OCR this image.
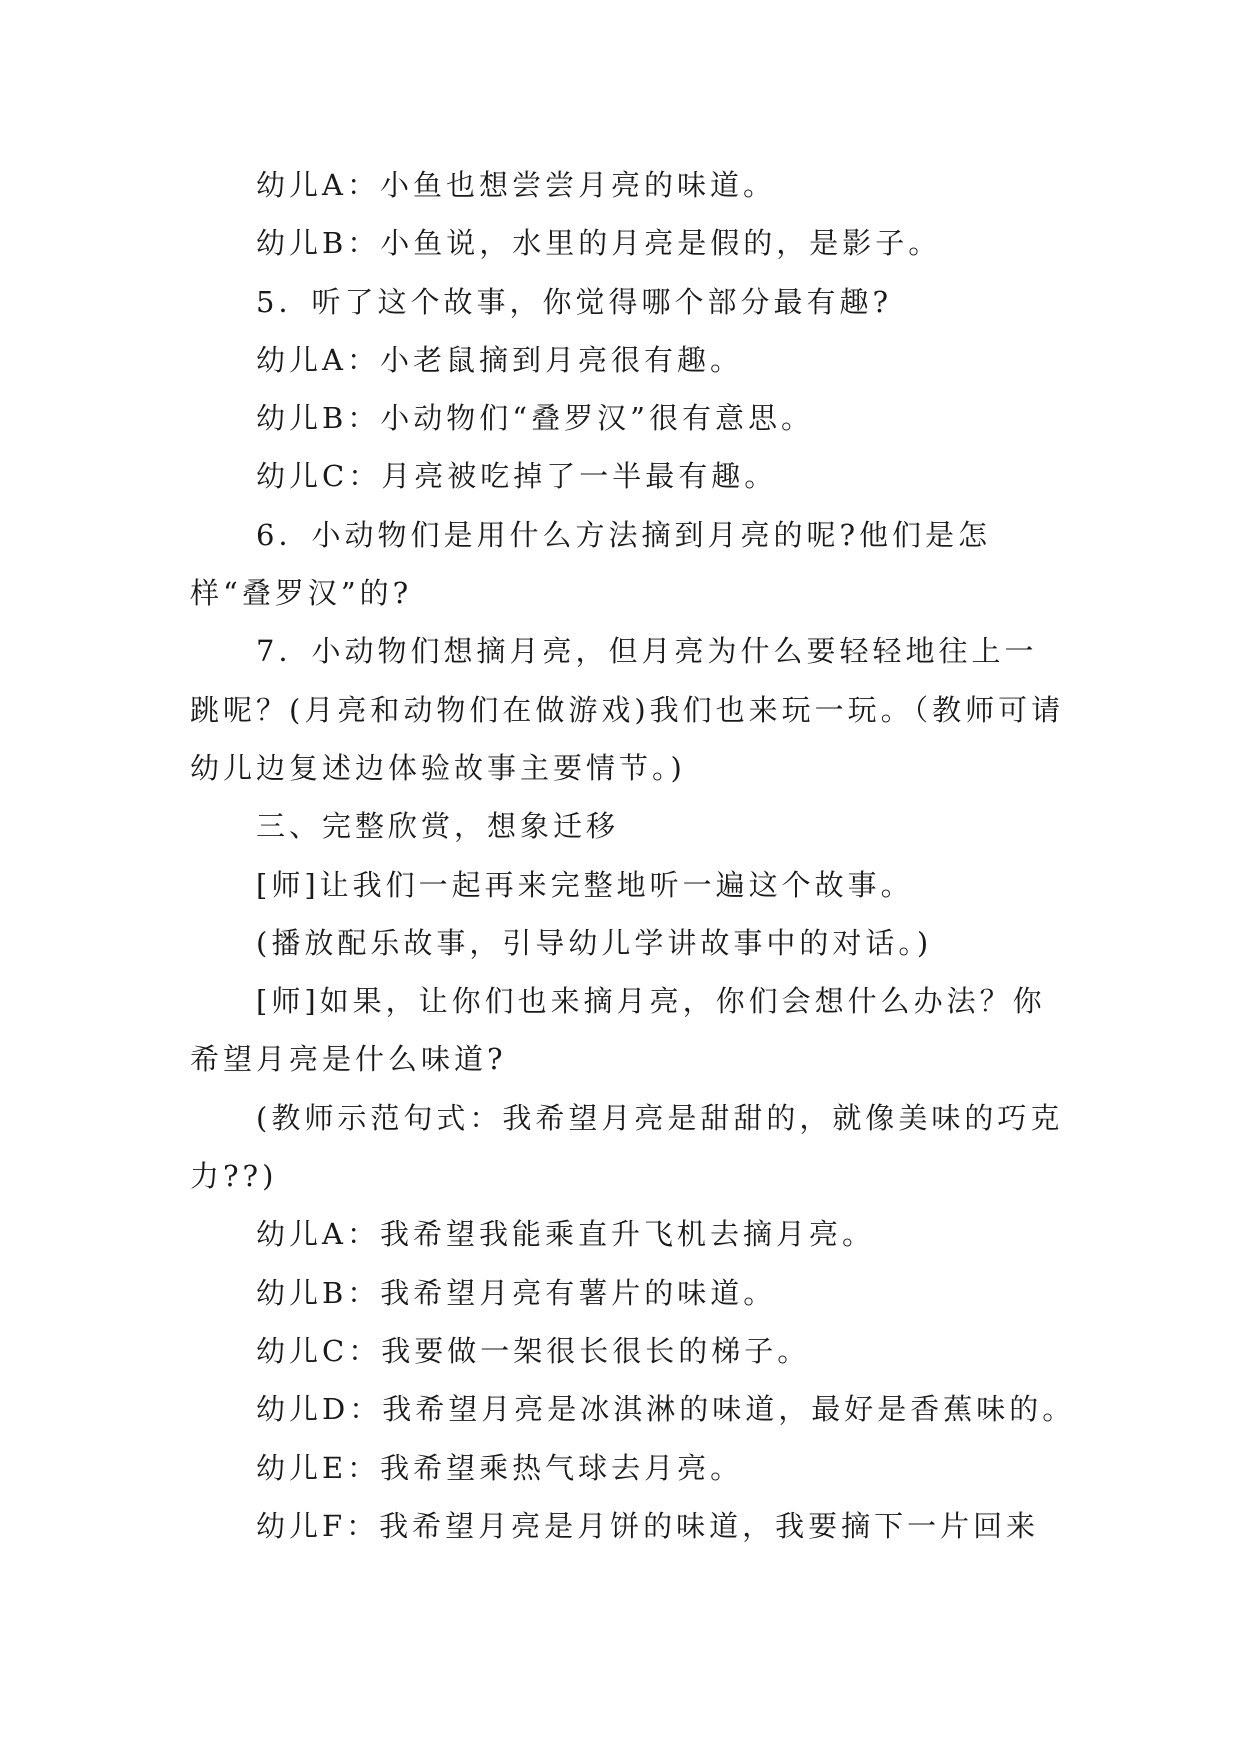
幼儿A：小鱼也想尝尝月亮的味道。

幼儿B：小鱼说，水里的月亮是假的，是影子。

5．听了这个故事，你觉得哪个部分最有趣?

幼儿A：小老鼠摘到月亮很有趣。

幼儿B：小动物们“叠罗汉”很有意思。

幼儿C：月亮被吃掉了一半最有趣。

6．小动物们是用什么方法摘到月亮的呢?他们是怎样“叠罗汉”的?

7．小动物们想摘月亮，但月亮为什么要轻轻地往上一跳呢？(月亮和动物们在做游戏)我们也来玩一玩。（教师可请幼儿边复述边体验故事主要情节。)

三、完整欣赏，想象迁移

[师]让我们一起再来完整地听一遍这个故事。

(播放配乐故事，引导幼儿学讲故事中的对话。)

[师]如果，让你们也来摘月亮，你们会想什么办法？你希望月亮是什么味道?

(教师示范句式：我希望月亮是甜甜的，就像美味的巧克力??)

幼儿A：我希望我能乘直升飞机去摘月亮。

幼儿B：我希望月亮有薯片的味道。

幼儿C：我要做一架很长很长的梯子。

幼儿D：我希望月亮是冰淇淋的味道，最好是香蕉味的。

幼儿E：我希望乘热气球去月亮。

幼儿F：我希望月亮是月饼的味道，我要摘下一片回来
